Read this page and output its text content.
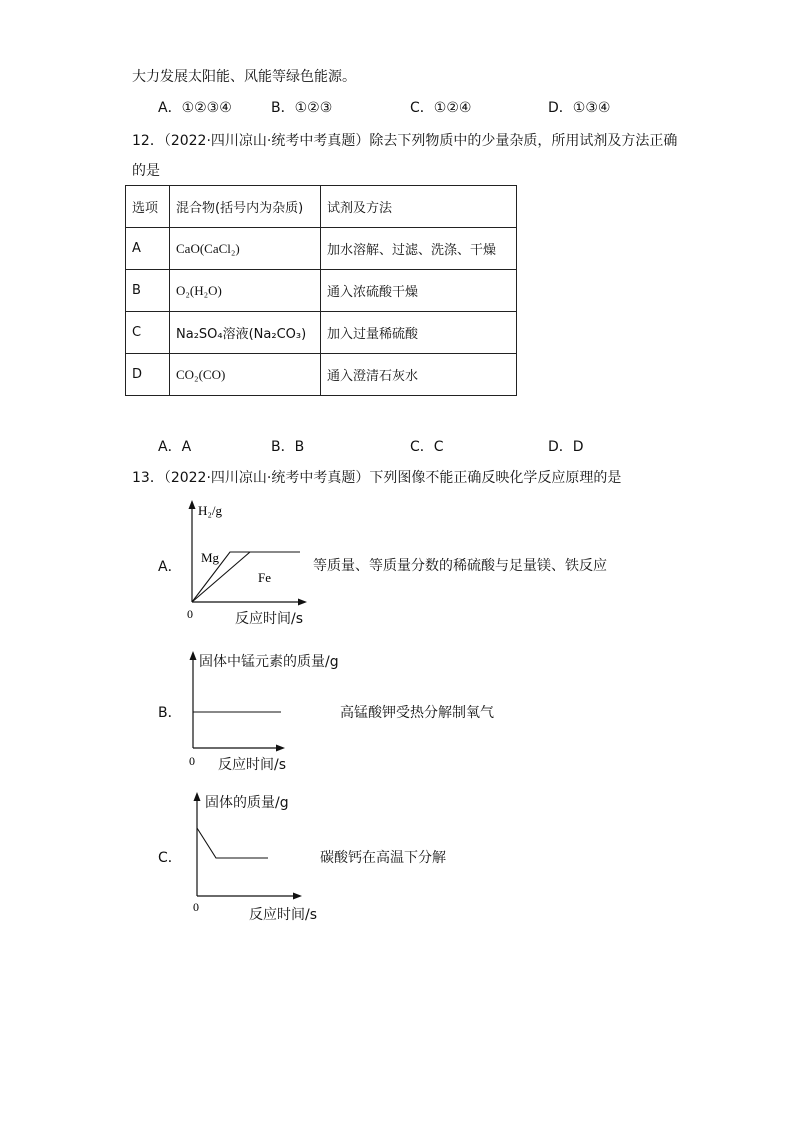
大力发展太阳能、风能等绿色能源。
A．①②③④	B．①②③	C．①②④	D．①③④
12．（2022·四川凉山·统考中考真题）除去下列物质中的少量杂质，所用试剂及方法正确
的是
选项	混合物(括号内为杂质)	试剂及方法
A	CaO(CaCl₂)	加水溶解、过滤、洗涤、干燥
B	O₂(H₂O)	通入浓硫酸干燥
C	Na₂SO₄溶液(Na₂CO₃)	加入过量稀硫酸
D	CO₂(CO)	通入澄清石灰水
A．A	B．B	C．C	D．D
13．（2022·四川凉山·统考中考真题）下列图像不能正确反映化学反应原理的是
A．
H₂/g
Mg
Fe
0	反应时间/s
等质量、等质量分数的稀硫酸与足量镁、铁反应
B．
0
固体中锰元素的质量/g
反应时间/s
高锰酸钾受热分解制氧气
C．
0
固体的质量/g
反应时间/s
碳酸钙在高温下分解
